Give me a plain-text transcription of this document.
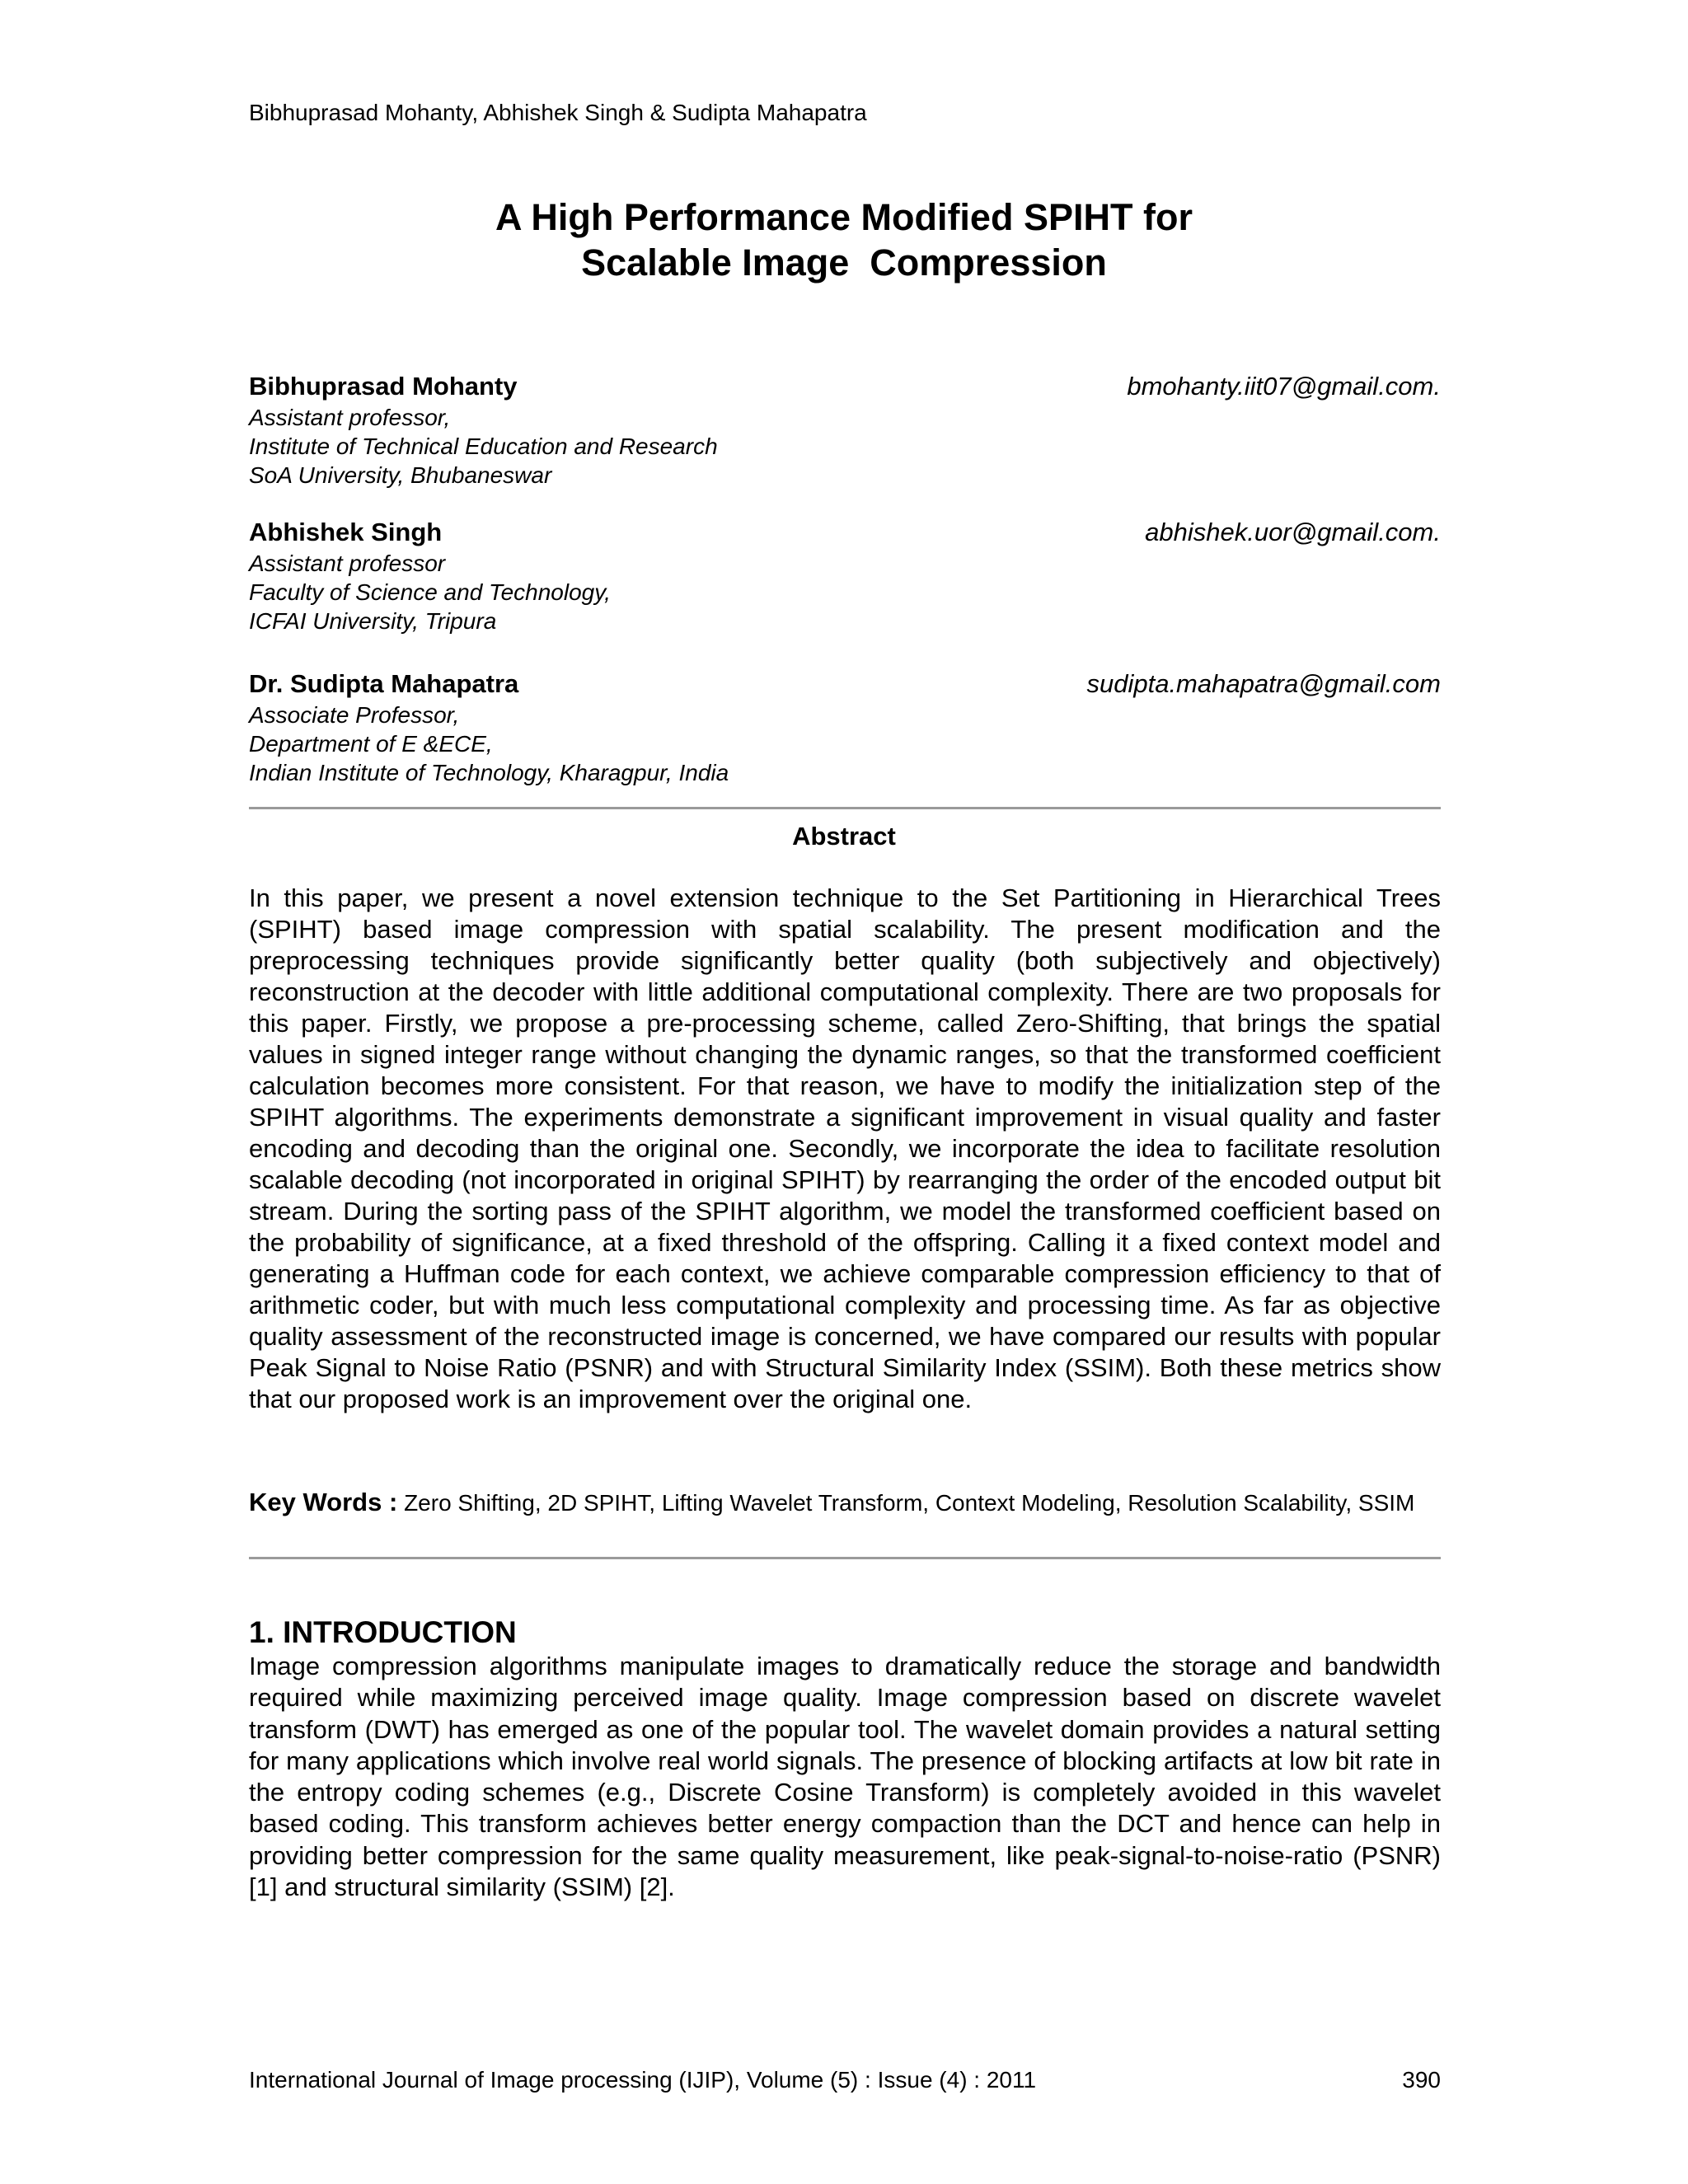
Bibhuprasad Mohanty, Abhishek Singh & Sudipta Mahapatra
A High Performance Modified SPIHT for
Scalable Image  Compression
Bibhuprasad Mohanty	bmohanty.iit07@gmail.com.
Assistant professor,
Institute of Technical Education and Research
SoA University, Bhubaneswar
Abhishek Singh	abhishek.uor@gmail.com.
Assistant professor
Faculty of Science and Technology,
ICFAI University, Tripura
Dr. Sudipta Mahapatra	sudipta.mahapatra@gmail.com
Associate Professor,
Department of E &ECE,
Indian Institute of Technology, Kharagpur, India
Abstract
In this paper, we present a novel extension technique to the Set Partitioning in Hierarchical Trees (SPIHT) based image compression with spatial scalability. The present modification and the preprocessing techniques provide significantly better quality (both subjectively and objectively) reconstruction at the decoder with little additional computational complexity. There are two proposals for this paper. Firstly, we propose a pre-processing scheme, called Zero-Shifting, that brings the spatial values in signed integer range without changing the dynamic ranges, so that the transformed coefficient calculation becomes more consistent. For that reason, we have to modify the initialization step of the SPIHT algorithms. The experiments demonstrate a significant improvement in visual quality and faster encoding and decoding than the original one. Secondly, we incorporate the idea to facilitate resolution scalable decoding (not incorporated in original SPIHT) by rearranging the order of the encoded output bit stream. During the sorting pass of the SPIHT algorithm, we model the transformed coefficient based on the probability of significance, at a fixed threshold of the offspring. Calling it a fixed context model and generating a Huffman code for each context, we achieve comparable compression efficiency to that of arithmetic coder, but with much less computational complexity and processing time. As far as objective quality assessment of the reconstructed image is concerned, we have compared our results with popular Peak Signal to Noise Ratio (PSNR) and with Structural Similarity Index (SSIM). Both these metrics show that our proposed work is an improvement over the original one.
Key Words : Zero Shifting, 2D SPIHT, Lifting Wavelet Transform, Context Modeling, Resolution Scalability, SSIM
1. INTRODUCTION
Image compression algorithms manipulate images to dramatically reduce the storage and bandwidth required while maximizing perceived image quality. Image compression based on discrete wavelet transform (DWT) has emerged as one of the popular tool. The wavelet domain provides a natural setting for many applications which involve real world signals. The presence of blocking artifacts at low bit rate in the entropy coding schemes (e.g., Discrete Cosine Transform) is completely avoided in this wavelet based coding. This transform achieves better energy compaction than the DCT and hence can help in providing better compression for the same quality measurement, like peak-signal-to-noise-ratio (PSNR) [1] and structural similarity (SSIM) [2].
International Journal of Image processing (IJIP), Volume (5) : Issue (4) : 2011	390
